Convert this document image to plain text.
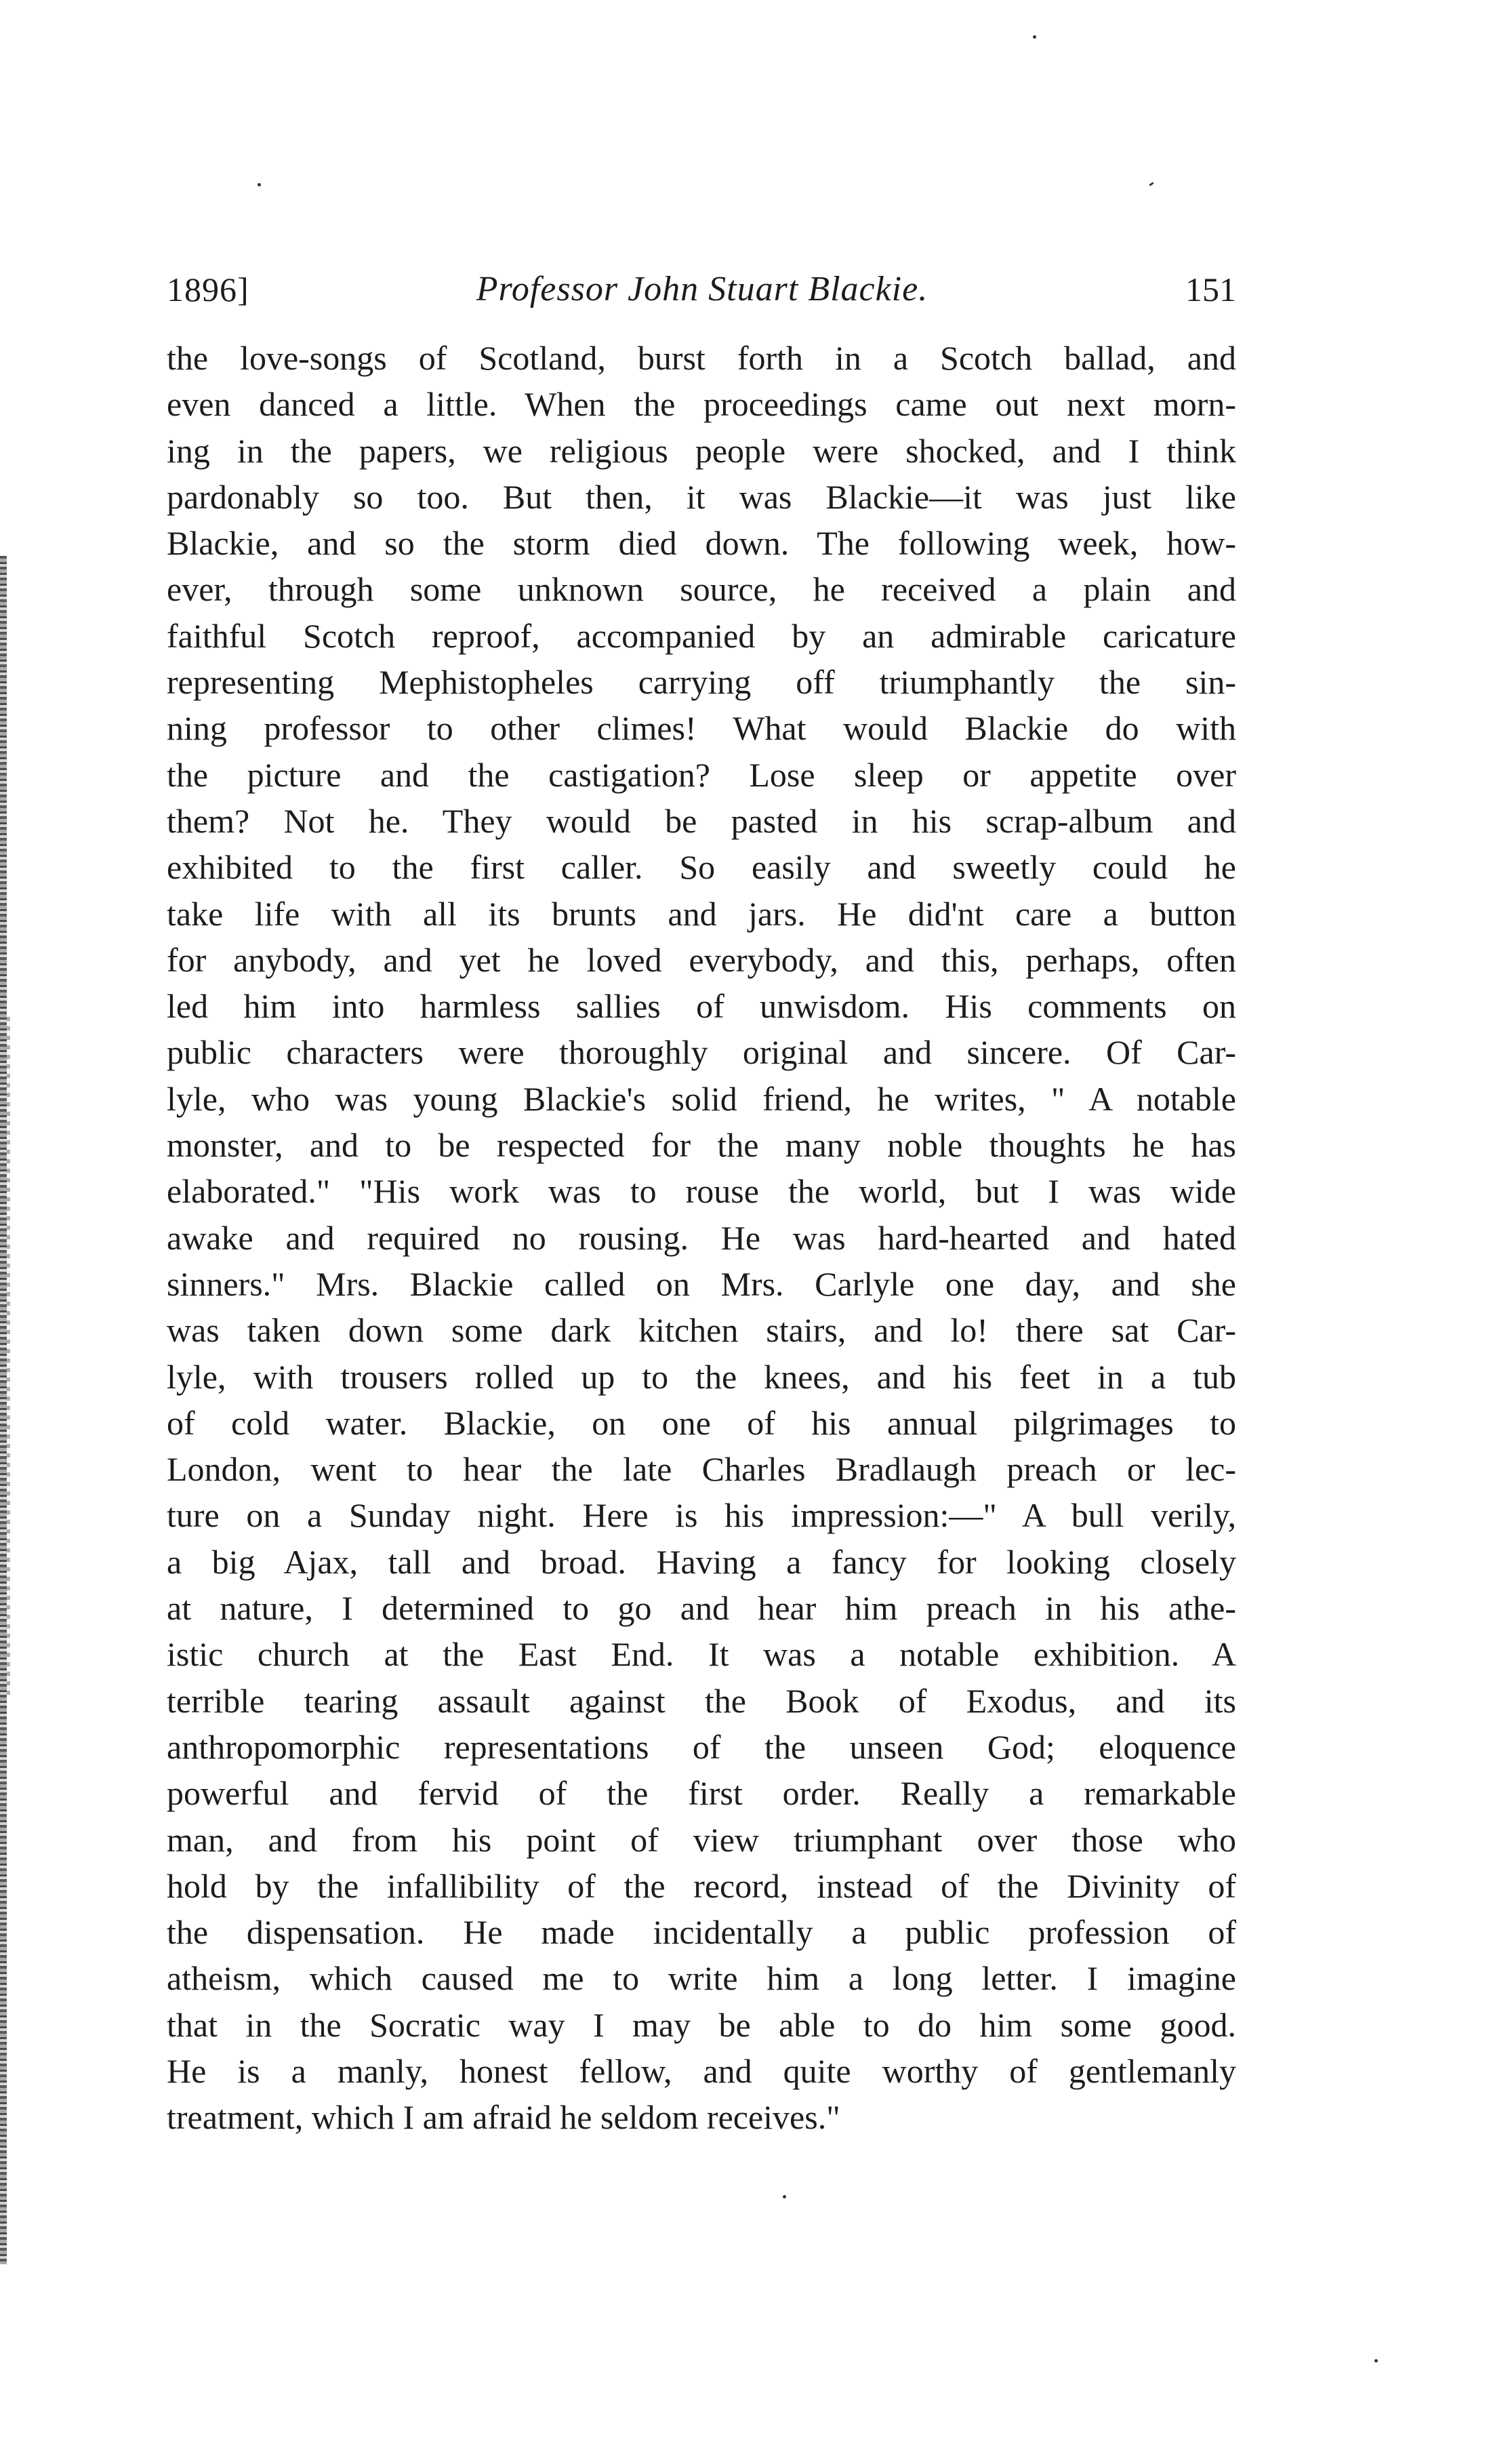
1896]	Professor John Stuart Blackie.	151
the love-songs of Scotland, burst forth in a Scotch ballad, and
even danced a little. When the proceedings came out next morn-
ing in the papers, we religious people were shocked, and I think
pardonably so too. But then, it was Blackie—it was just like
Blackie, and so the storm died down. The following week, how-
ever, through some unknown source, he received a plain and
faithful Scotch reproof, accompanied by an admirable caricature
representing Mephistopheles carrying off triumphantly the sin-
ning professor to other climes! What would Blackie do with
the picture and the castigation? Lose sleep or appetite over
them? Not he. They would be pasted in his scrap-album and
exhibited to the first caller. So easily and sweetly could he
take life with all its brunts and jars. He did'nt care a button
for anybody, and yet he loved everybody, and this, perhaps, often
led him into harmless sallies of unwisdom. His comments on
public characters were thoroughly original and sincere. Of Car-
lyle, who was young Blackie's solid friend, he writes, " A notable
monster, and to be respected for the many noble thoughts he has
elaborated." "His work was to rouse the world, but I was wide
awake and required no rousing. He was hard-hearted and hated
sinners." Mrs. Blackie called on Mrs. Carlyle one day, and she
was taken down some dark kitchen stairs, and lo! there sat Car-
lyle, with trousers rolled up to the knees, and his feet in a tub
of cold water. Blackie, on one of his annual pilgrimages to
London, went to hear the late Charles Bradlaugh preach or lec-
ture on a Sunday night. Here is his impression:—" A bull verily,
a big Ajax, tall and broad. Having a fancy for looking closely
at nature, I determined to go and hear him preach in his athe-
istic church at the East End. It was a notable exhibition. A
terrible tearing assault against the Book of Exodus, and its
anthropomorphic representations of the unseen God; eloquence
powerful and fervid of the first order. Really a remarkable
man, and from his point of view triumphant over those who
hold by the infallibility of the record, instead of the Divinity of
the dispensation. He made incidentally a public profession of
atheism, which caused me to write him a long letter. I imagine
that in the Socratic way I may be able to do him some good.
He is a manly, honest fellow, and quite worthy of gentlemanly
treatment, which I am afraid he seldom receives."
